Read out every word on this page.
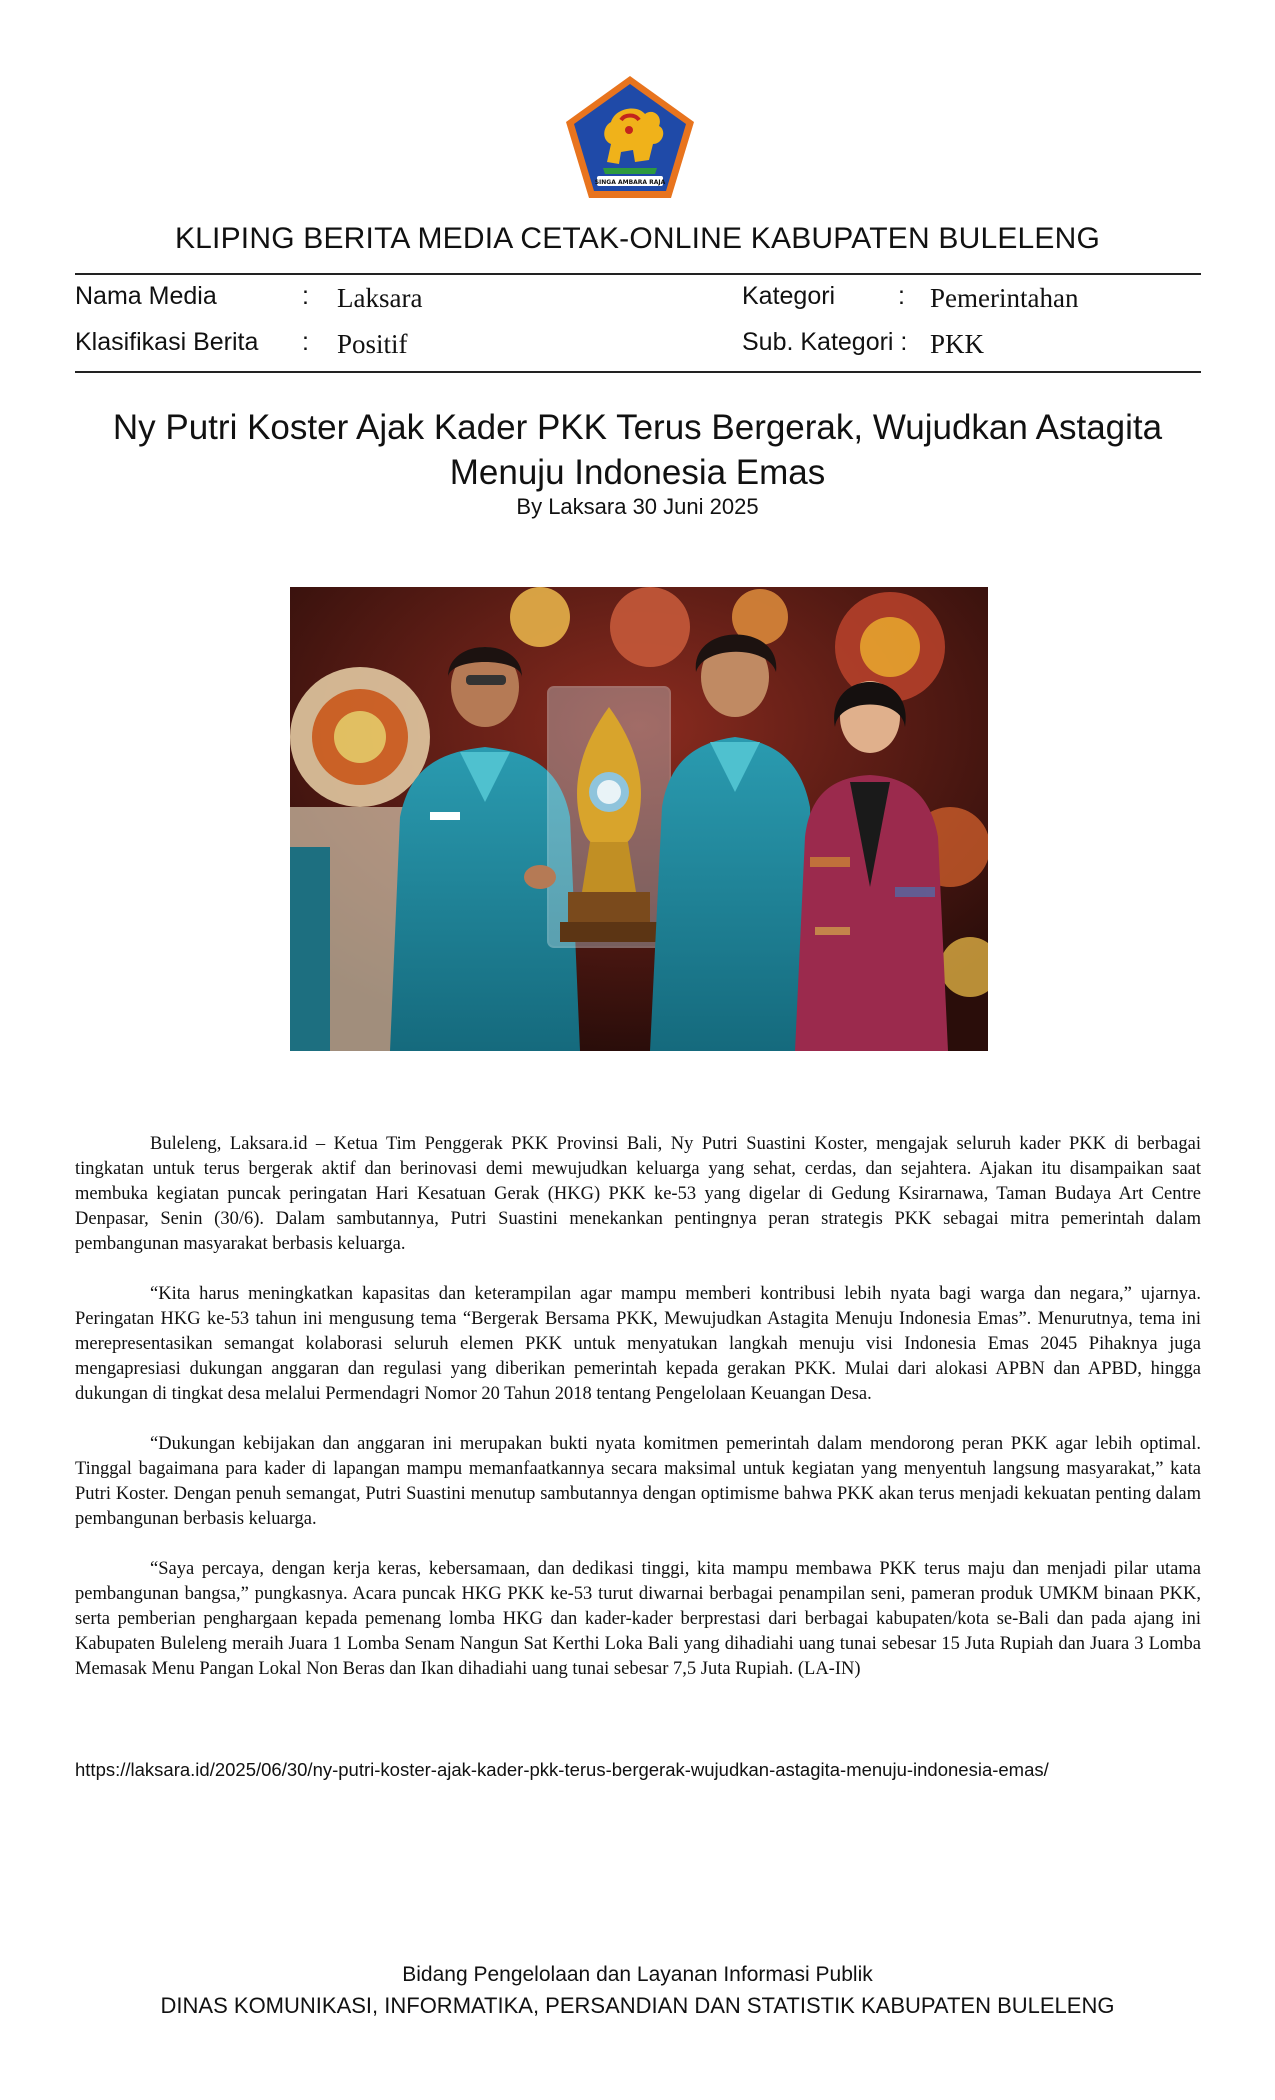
SINGA AMBARA RAJA
KLIPING BERITA MEDIA CETAK-ONLINE KABUPATEN BULELENG
Nama Media	: Laksara
Klasifikasi Berita : Positif
Kategori	: Pemerintahan
Sub. Kategori : PKK
Ny Putri Koster Ajak Kader PKK Terus Bergerak, Wujudkan Astagita
Menuju Indonesia Emas
By Laksara 30 Juni 2025

Buleleng, Laksara.id – Ketua Tim Penggerak PKK Provinsi Bali, Ny Putri Suastini Koster, mengajak seluruh kader PKK di berbagai tingkatan untuk terus bergerak aktif dan berinovasi demi mewujudkan keluarga yang sehat, cerdas, dan sejahtera. Ajakan itu disampaikan saat membuka kegiatan puncak peringatan Hari Kesatuan Gerak (HKG) PKK ke-53 yang digelar di Gedung Ksirarnawa, Taman Budaya Art Centre Denpasar, Senin (30/6). Dalam sambutannya, Putri Suastini menekankan pentingnya peran strategis PKK sebagai mitra pemerintah dalam pembangunan masyarakat berbasis keluarga.

“Kita harus meningkatkan kapasitas dan keterampilan agar mampu memberi kontribusi lebih nyata bagi warga dan negara,” ujarnya. Peringatan HKG ke-53 tahun ini mengusung tema “Bergerak Bersama PKK, Mewujudkan Astagita Menuju Indonesia Emas”. Menurutnya, tema ini merepresentasikan semangat kolaborasi seluruh elemen PKK untuk menyatukan langkah menuju visi Indonesia Emas 2045 Pihaknya juga mengapresiasi dukungan anggaran dan regulasi yang diberikan pemerintah kepada gerakan PKK. Mulai dari alokasi APBN dan APBD, hingga dukungan di tingkat desa melalui Permendagri Nomor 20 Tahun 2018 tentang Pengelolaan Keuangan Desa.

“Dukungan kebijakan dan anggaran ini merupakan bukti nyata komitmen pemerintah dalam mendorong peran PKK agar lebih optimal. Tinggal bagaimana para kader di lapangan mampu memanfaatkannya secara maksimal untuk kegiatan yang menyentuh langsung masyarakat,” kata Putri Koster. Dengan penuh semangat, Putri Suastini menutup sambutannya dengan optimisme bahwa PKK akan terus menjadi kekuatan penting dalam pembangunan berbasis keluarga.

“Saya percaya, dengan kerja keras, kebersamaan, dan dedikasi tinggi, kita mampu membawa PKK terus maju dan menjadi pilar utama pembangunan bangsa,” pungkasnya. Acara puncak HKG PKK ke-53 turut diwarnai berbagai penampilan seni, pameran produk UMKM binaan PKK, serta pemberian penghargaan kepada pemenang lomba HKG dan kader-kader berprestasi dari berbagai kabupaten/kota se-Bali dan pada ajang ini Kabupaten Buleleng meraih Juara 1 Lomba Senam Nangun Sat Kerthi Loka Bali yang dihadiahi uang tunai sebesar 15 Juta Rupiah dan Juara 3 Lomba Memasak Menu Pangan Lokal Non Beras dan Ikan dihadiahi uang tunai sebesar 7,5 Juta Rupiah. (LA-IN)

https://laksara.id/2025/06/30/ny-putri-koster-ajak-kader-pkk-terus-bergerak-wujudkan-astagita-menuju-indonesia-emas/
Bidang Pengelolaan dan Layanan Informasi Publik
DINAS KOMUNIKASI, INFORMATIKA, PERSANDIAN DAN STATISTIK KABUPATEN BULELENG
